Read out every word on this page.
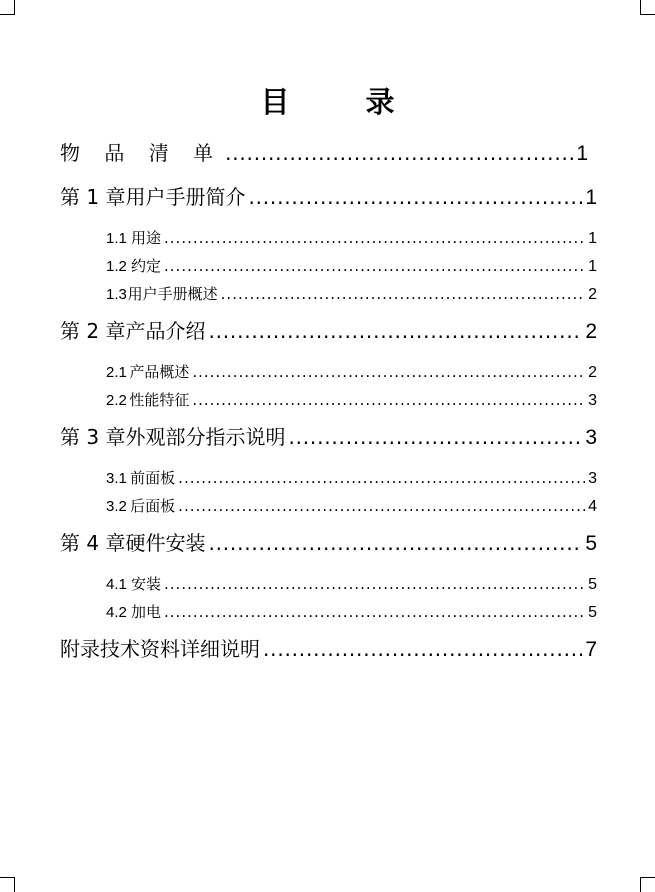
目	录
物 品 清 单 .....	1
第 1 章 用户手册简介 .....	1
1.1 用途 .....	1
1.2 约定 .....	1
1.3 用户手册概述 .....	2
第 2 章 产品介绍 .....	2
2.1 产品概述 .....	2
2.2 性能特征 .....	3
第 3 章 外观部分指示说明 .....	3
3.1 前面板 .....	3
3.2 后面板 .....	4
第 4 章 硬件安装 .....	5
4.1 安装 .....	5
4.2 加电 .....	5
附录 技术资料详细说明 .....	7
